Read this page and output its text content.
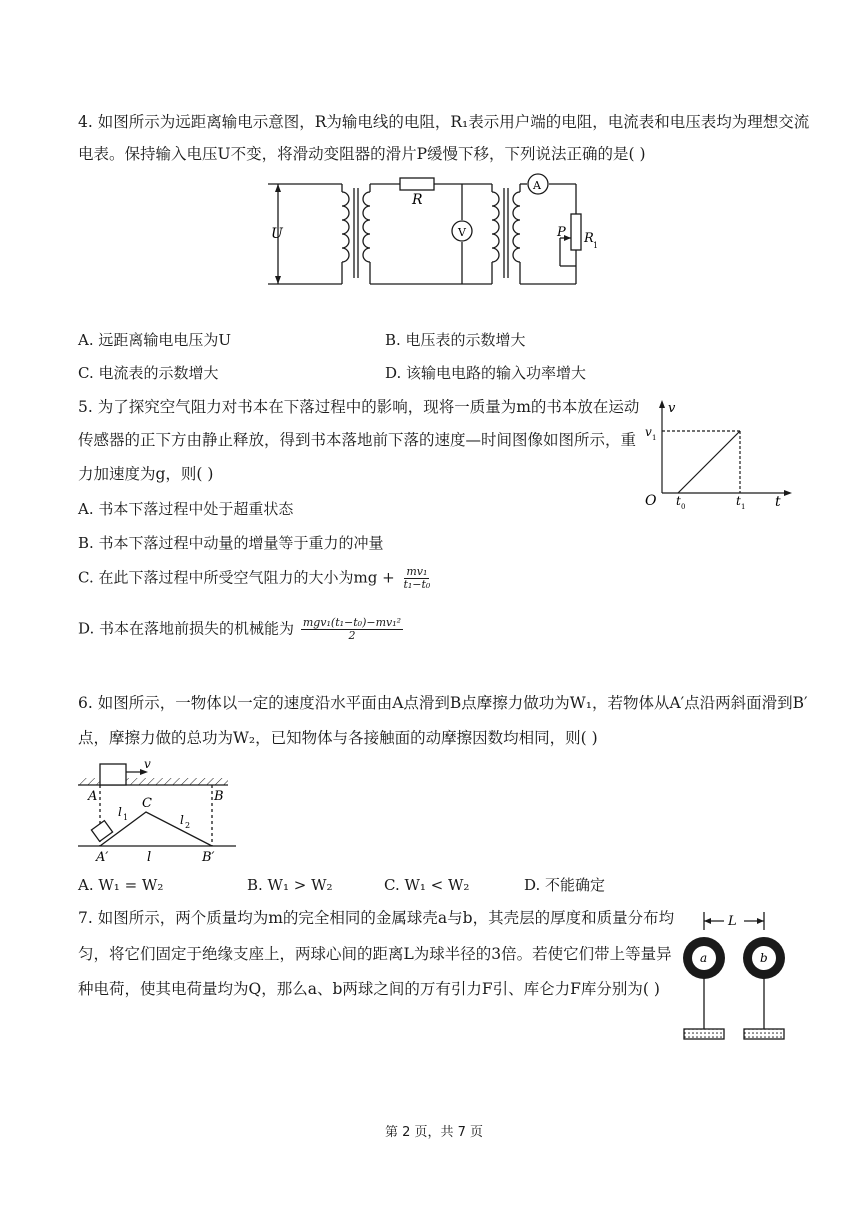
4. 如图所示为远距离输电示意图，R为输电线的电阻，R₁表示用户端的电阻，电流表和电压表均为理想交流
电表。保持输入电压U不变，将滑动变阻器的滑片P缓慢下移，下列说法正确的是( )
U
R
V
A
P R 1
A. 远距离输电电压为U	B. 电压表的示数增大
C. 电流表的示数增大	D. 该输电电路的输入功率增大
5. 为了探究空气阻力对书本在下落过程中的影响，现将一质量为m的书本放在运动
传感器的正下方由静止释放，得到书本落地前下落的速度—时间图像如图所示，重
力加速度为g，则( )
v
v 1
O t 0	t 1 t
A. 书本下落过程中处于超重状态
B. 书本下落过程中动量的增量等于重力的冲量
C. 在此下落过程中所受空气阻力的大小为mg + $\frac{\text{mv₁}}{\text{t₁−t₀}}$
D. 书本在落地前损失的机械能为 $\frac{\text{mgv₁(t₁−t₀)−mv₁²}}{2}$
6. 如图所示，一物体以一定的速度沿水平面由A点滑到B点摩擦力做功为W₁，若物体从A′点沿两斜面滑到B′
点，摩擦力做的总功为W₂，已知物体与各接触面的动摩擦因数均相同，则( )
v
A	B
C
l 1	l 2
A′	l	B′
A. W₁ = W₂	B. W₁ > W₂	C. W₁ < W₂	D. 不能确定
7. 如图所示，两个质量均为m的完全相同的金属球壳a与b，其壳层的厚度和质量分布均
匀，将它们固定于绝缘支座上，两球心间的距离L为球半径的3倍。若使它们带上等量异
种电荷，使其电荷量均为Q，那么a、b两球之间的万有引力F引、库仑力F库分别为( )
L
a	b
第 2 页，共 7 页
